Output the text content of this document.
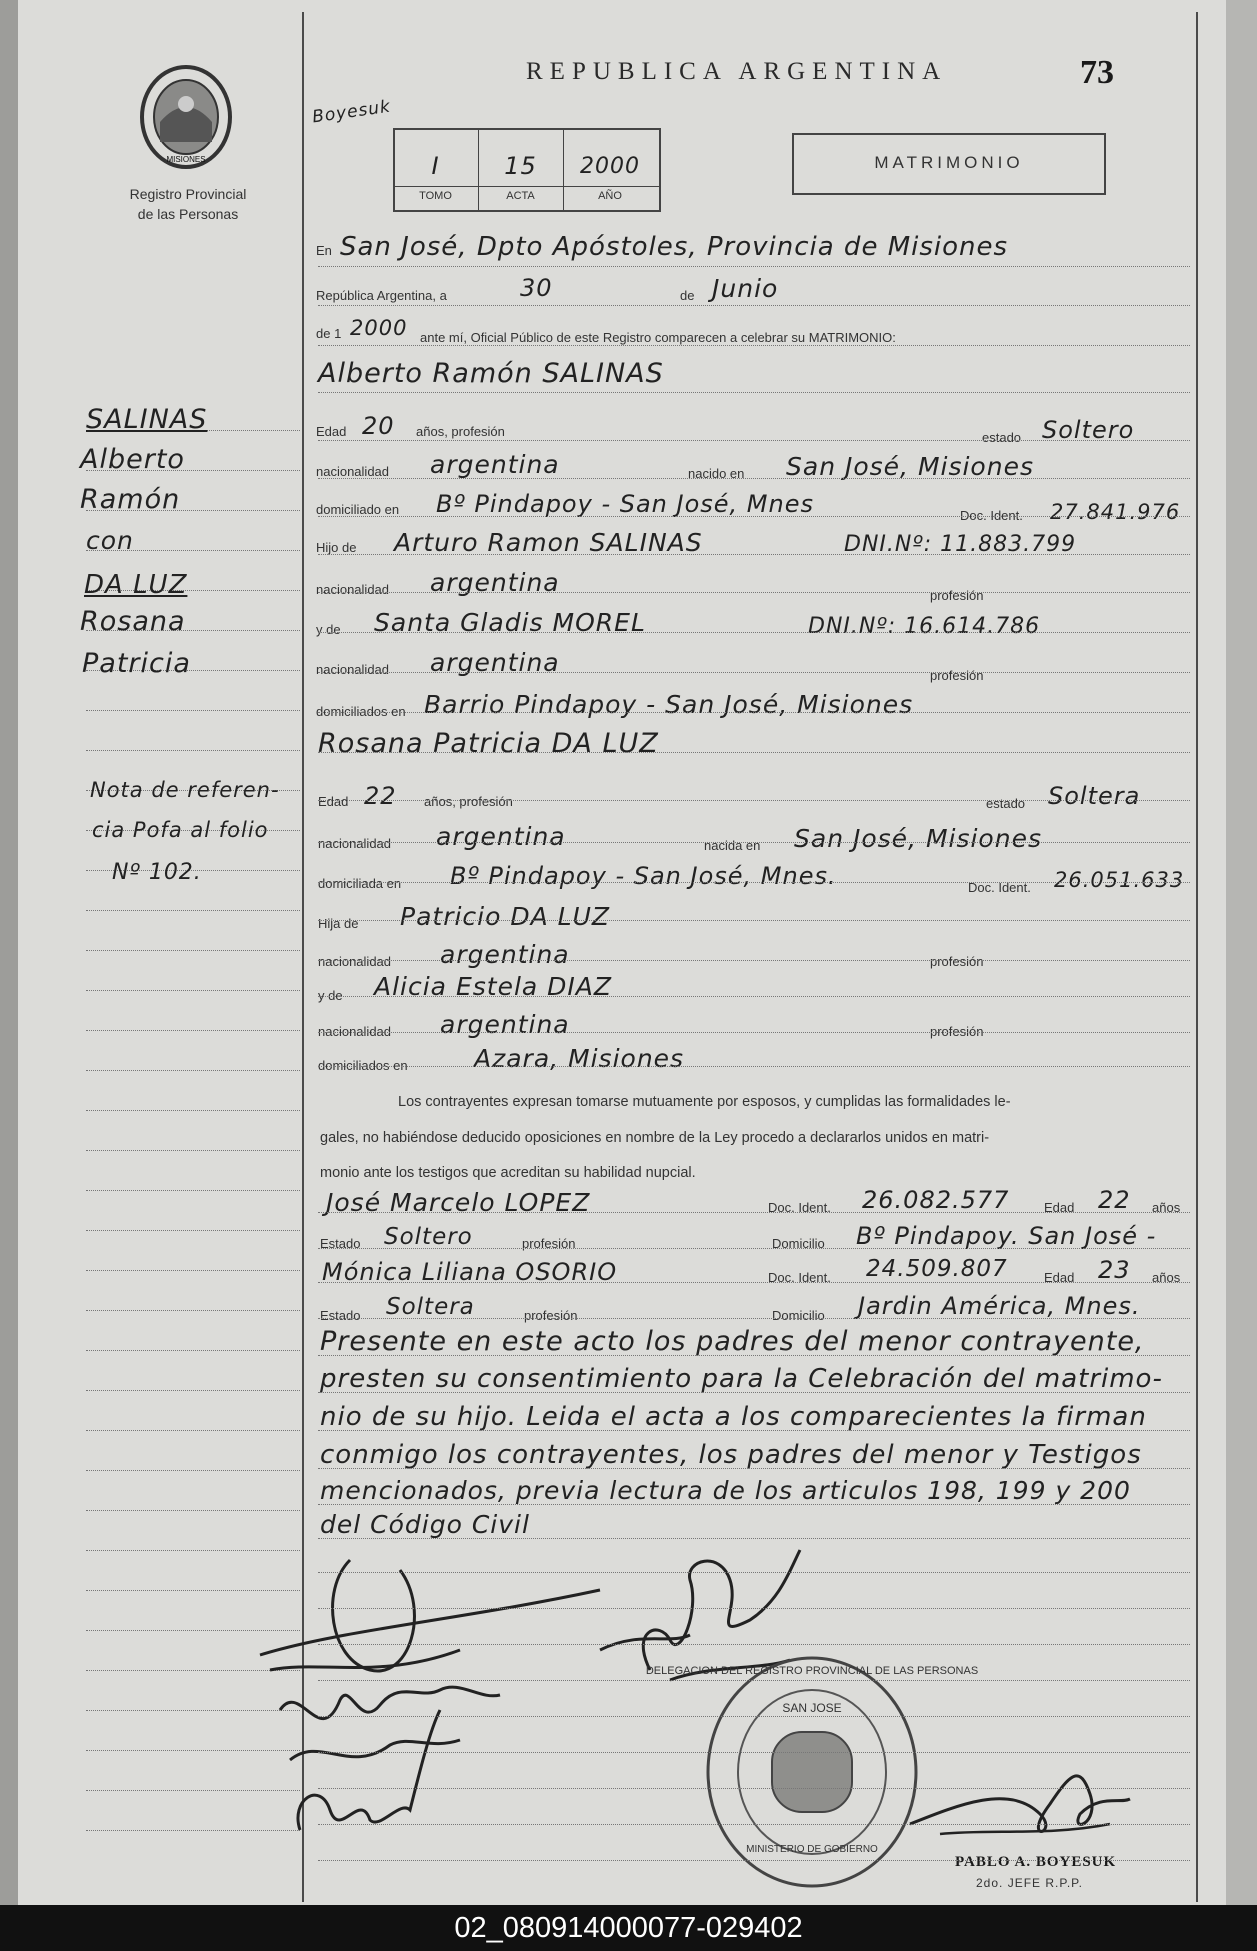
MISIONES
Registro Provincial
de las Personas
REPUBLICA ARGENTINA	73
Boyesuk
I	15	2000
TOMO	ACTA	AÑO
MATRIMONIO
SALINAS
Alberto
Ramón
con
DA LUZ
Rosana
Patricia
Nota de referen-
cia Pofa al folio
Nº 102.
En San José, Dpto Apóstoles, Provincia de Misiones
República Argentina, a	30	de Junio
de 1 2000 ante mí, Oficial Público de este Registro comparecen a celebrar su MATRIMONIO:
Alberto Ramón SALINAS
Edad 20 años, profesión	estado Soltero
nacionalidad argentina	nacido en San José, Misiones
domiciliado en Bº Pindapoy - San José, Mnes	Doc. Ident. 27.841.976
Hijo de Arturo Ramon SALINAS	DNI.Nº: 11.883.799
nacionalidad argentina	profesión
y de Santa Gladis MOREL	DNI.Nº: 16.614.786
nacionalidad argentina	profesión
domiciliados en Barrio Pindapoy - San José, Misiones
Rosana Patricia DA LUZ
Edad 22 años, profesión	estado Soltera
nacionalidad argentina	nacida en San José, Misiones
domiciliada en Bº Pindapoy - San José, Mnes.	Doc. Ident. 26.051.633
Hija de Patricio DA LUZ
nacionalidad argentina	profesión
y de Alicia Estela DIAZ
nacionalidad argentina	profesión
domiciliados en	Azara, Misiones
Los contrayentes expresan tomarse mutuamente por esposos, y cumplidas las formalidades le-
gales, no habiéndose deducido oposiciones en nombre de la Ley procedo a declararlos unidos en matri-
monio ante los testigos que acreditan su habilidad nupcial.
José Marcelo LOPEZ	Doc. Ident. 26.082.577	Edad 22 años
Estado Soltero	profesión	Domicilio Bº Pindapoy. San José -
Mónica Liliana OSORIO	Doc. Ident. 24.509.807	Edad 23 años
Estado Soltera	profesión	Domicilio Jardin América, Mnes.
Presente en este acto los padres del menor contrayente,
presten su consentimiento para la Celebración del matrimo-
nio de su hijo. Leida el acta a los comparecientes la firman
conmigo los contrayentes, los padres del menor y Testigos
mencionados, previa lectura de los articulos 198, 199 y 200
del Código Civil
DELEGACION DEL REGISTRO PROVINCIAL DE LAS PERSONAS
SAN JOSE
MINISTERIO DE GOBIERNO
PABLO A. BOYESUK
2do. JEFE R.P.P.
02_080914000077-029402
